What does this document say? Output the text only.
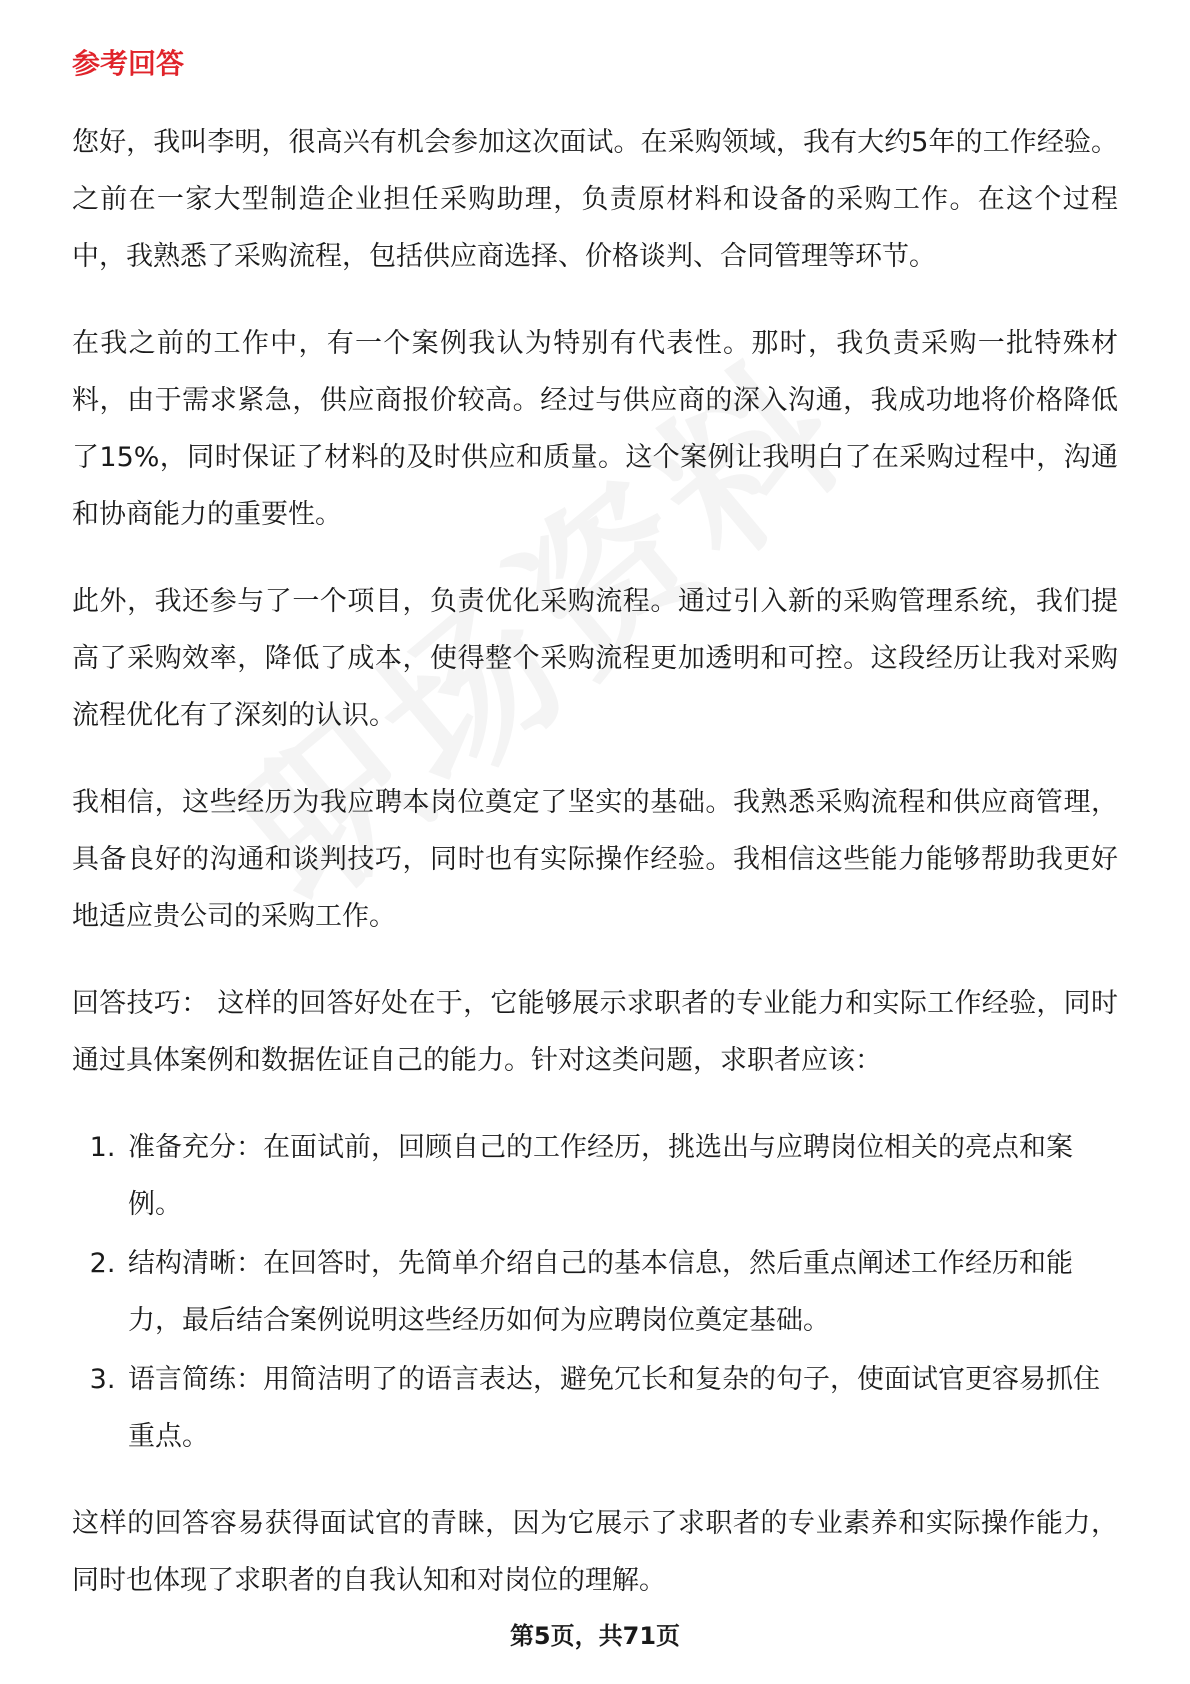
参考回答

您好，我叫李明，很高兴有机会参加这次面试。在采购领域，我有大约5年的工作经验。之前在一家大型制造企业担任采购助理，负责原材料和设备的采购工作。在这个过程中，我熟悉了采购流程，包括供应商选择、价格谈判、合同管理等环节。

在我之前的工作中，有一个案例我认为特别有代表性。那时，我负责采购一批特殊材料，由于需求紧急，供应商报价较高。经过与供应商的深入沟通，我成功地将价格降低了15%，同时保证了材料的及时供应和质量。这个案例让我明白了在采购过程中，沟通和协商能力的重要性。

此外，我还参与了一个项目，负责优化采购流程。通过引入新的采购管理系统，我们提高了采购效率，降低了成本，使得整个采购流程更加透明和可控。这段经历让我对采购流程优化有了深刻的认识。

我相信，这些经历为我应聘本岗位奠定了坚实的基础。我熟悉采购流程和供应商管理，具备良好的沟通和谈判技巧，同时也有实际操作经验。我相信这些能力能够帮助我更好地适应贵公司的采购工作。

回答技巧： 这样的回答好处在于，它能够展示求职者的专业能力和实际工作经验，同时通过具体案例和数据佐证自己的能力。针对这类问题，求职者应该：

1. 准备充分：在面试前，回顾自己的工作经历，挑选出与应聘岗位相关的亮点和案例。
2. 结构清晰：在回答时，先简单介绍自己的基本信息，然后重点阐述工作经历和能力，最后结合案例说明这些经历如何为应聘岗位奠定基础。
3. 语言简练：用简洁明了的语言表达，避免冗长和复杂的句子，使面试官更容易抓住重点。

这样的回答容易获得面试官的青睐，因为它展示了求职者的专业素养和实际操作能力，同时也体现了求职者的自我认知和对岗位的理解。

第5页，共71页
